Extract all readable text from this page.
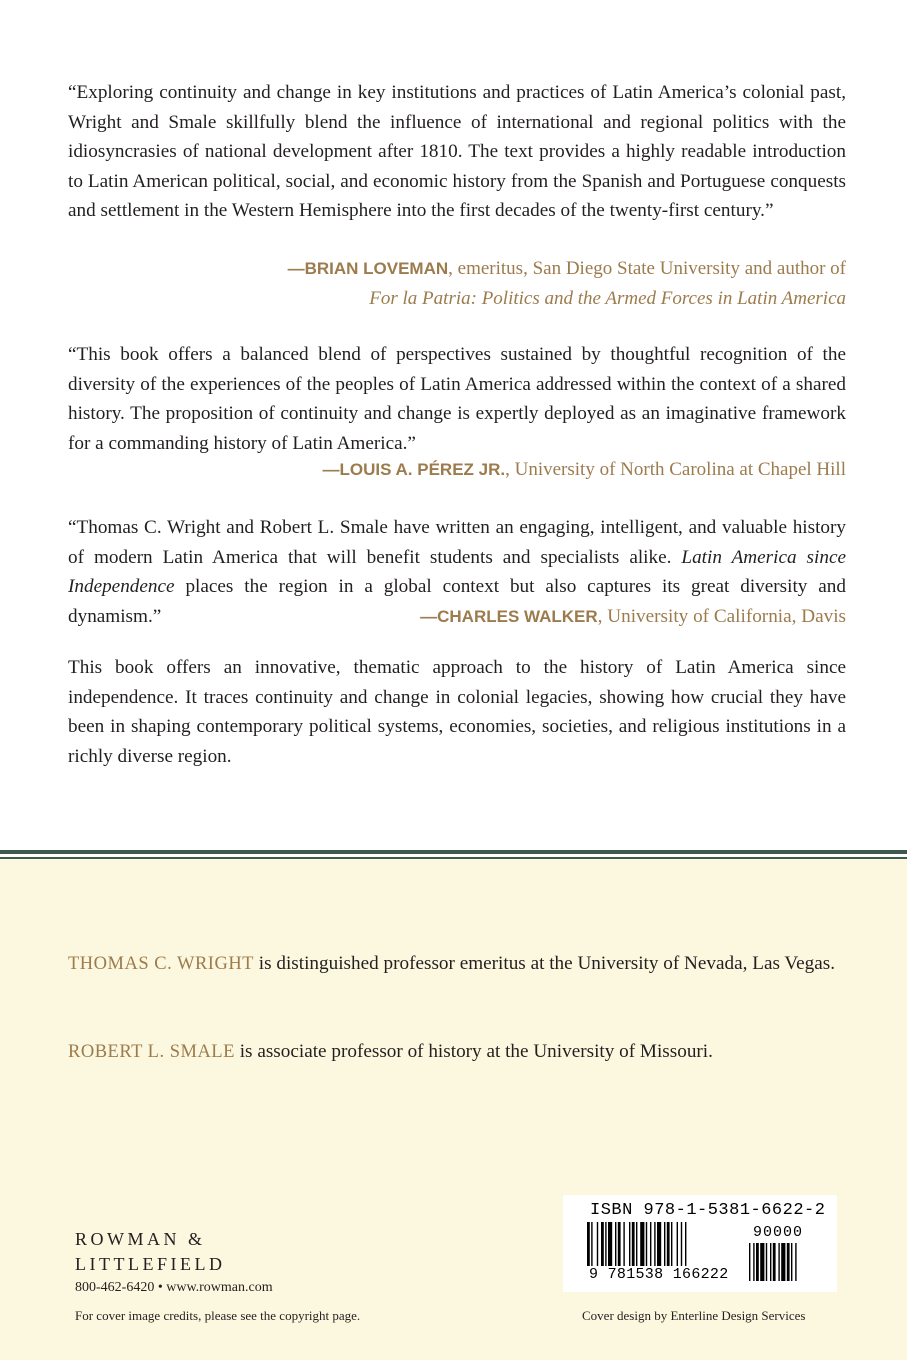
“Exploring continuity and change in key institutions and practices of Latin America’s colonial past, Wright and Smale skillfully blend the influence of international and regional politics with the idiosyncrasies of national development after 1810. The text provides a highly readable introduction to Latin American political, social, and economic history from the Spanish and Portuguese conquests and settlement in the Western Hemisphere into the first decades of the twenty-first century.”

—BRIAN LOVEMAN, emeritus, San Diego State University and author of
For la Patria: Politics and the Armed Forces in Latin America

“This book offers a balanced blend of perspectives sustained by thoughtful recognition of the diversity of the experiences of the peoples of Latin America addressed within the context of a shared history. The proposition of continuity and change is expertly deployed as an imaginative framework for a commanding history of Latin America.”

—LOUIS A. PÉREZ JR., University of North Carolina at Chapel Hill

“Thomas C. Wright and Robert L. Smale have written an engaging, intelligent, and valuable history of modern Latin America that will benefit students and specialists alike. Latin America since Independence places the region in a global context but also captures its great diversity and dynamism.”	—CHARLES WALKER, University of California, Davis

This book offers an innovative, thematic approach to the history of Latin America since independence. It traces continuity and change in colonial legacies, showing how crucial they have been in shaping contemporary political systems, economies, societies, and religious institutions in a richly diverse region.

THOMAS C. WRIGHT is distinguished professor emeritus at the University of Nevada, Las Vegas.

ROBERT L. SMALE is associate professor of history at the University of Missouri.

ROWMAN &
LITTLEFIELD

800-462-6420 • www.rowman.com

For cover image credits, please see the copyright page.	Cover design by Enterline Design Services

ISBN 978-1-5381-6622-2
90000
9 781538 166222
